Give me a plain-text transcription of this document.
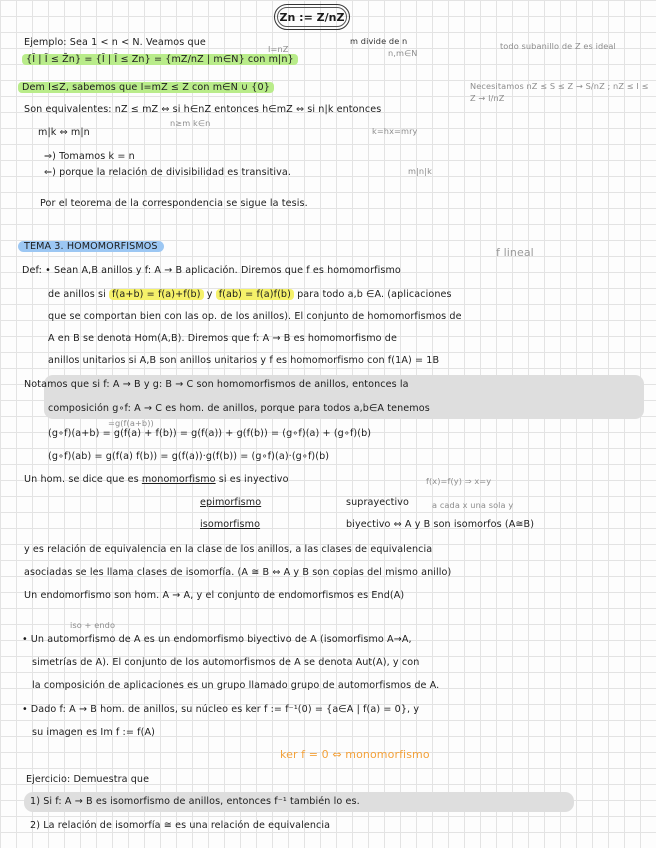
Zn := Z/nZ
Ejemplo: Sea 1 < n < N. Veamos que
I=nZ
m divide de n
n,m∈N
{Ī | Ī ≤ Z̄n} = {Ī | Ī ≤ Zn} = {mZ/nZ | m∈N} con m|n}
todo subanillo de Z es ideal
Dem I≤Z, sabemos que I=mZ ≤ Z con m∈N ∪ {0}	Necesitamos nZ ≤ S ≤ Z → S/nZ ; nZ ≤ I ≤ Z → I/nZ
Son equivalentes: nZ ≤ mZ ⇔ si h∈nZ entonces h∈mZ ⇔ si n|k entonces
n≥m k∈n
m|k ⇔ m|n	k=hx=mry
⇒) Tomamos k = n
⇐) porque la relación de divisibilidad es transitiva.	m|n|k
Por el teorema de la correspondencia se sigue la tesis.
TEMA 3. HOMOMORFISMOS	f lineal
Def: • Sean A,B anillos y f: A → B aplicación. Diremos que f es homomorfismo
de anillos si f(a+b) = f(a)+f(b) y f(ab) = f(a)f(b) para todo a,b ∈A. (aplicaciones
que se comportan bien con las op. de los anillos). El conjunto de homomorfismos de
A en B se denota Hom(A,B). Diremos que f: A → B es homomorfismo de
anillos unitarios si A,B son anillos unitarios y f es homomorfismo con f(1A) = 1B
Notamos que si f: A → B y g: B → C son homomorfismos de anillos, entonces la
composición g∘f: A → C es hom. de anillos, porque para todos a,b∈A tenemos
=g(f(a+b))
(g∘f)(a+b) = g(f(a) + f(b)) = g(f(a)) + g(f(b)) = (g∘f)(a) + (g∘f)(b)
(g∘f)(ab) = g(f(a) f(b)) = g(f(a))·g(f(b)) = (g∘f)(a)·(g∘f)(b)
Un hom. se dice que es monomorfismo si es inyectivo	f(x)=f(y) ⇒ x=y
epimorfismo	suprayectivo	a cada x una sola y
isomorfismo	biyectivo ⇔ A y B son isomorfos (A≅B)
y es relación de equivalencia en la clase de los anillos, a las clases de equivalencia
asociadas se les llama clases de isomorfía. (A ≅ B ⇔ A y B son copias del mismo anillo)
Un endomorfismo son hom. A → A, y el conjunto de endomorfismos es End(A)
iso + endo
• Un automorfismo de A es un endomorfismo biyectivo de A (isomorfismo A→A,
simetrías de A). El conjunto de los automorfismos de A se denota Aut(A), y con
la composición de aplicaciones es un grupo llamado grupo de automorfismos de A.
• Dado f: A → B hom. de anillos, su núcleo es ker f := f⁻¹(0) = {a∈A | f(a) = 0}, y
su imagen es Im f := f(A)
ker f = 0 ⇔ monomorfismo
Ejercicio: Demuestra que
1) Si f: A → B es isomorfismo de anillos, entonces f⁻¹ también lo es.
2) La relación de isomorfía ≅ es una relación de equivalencia
